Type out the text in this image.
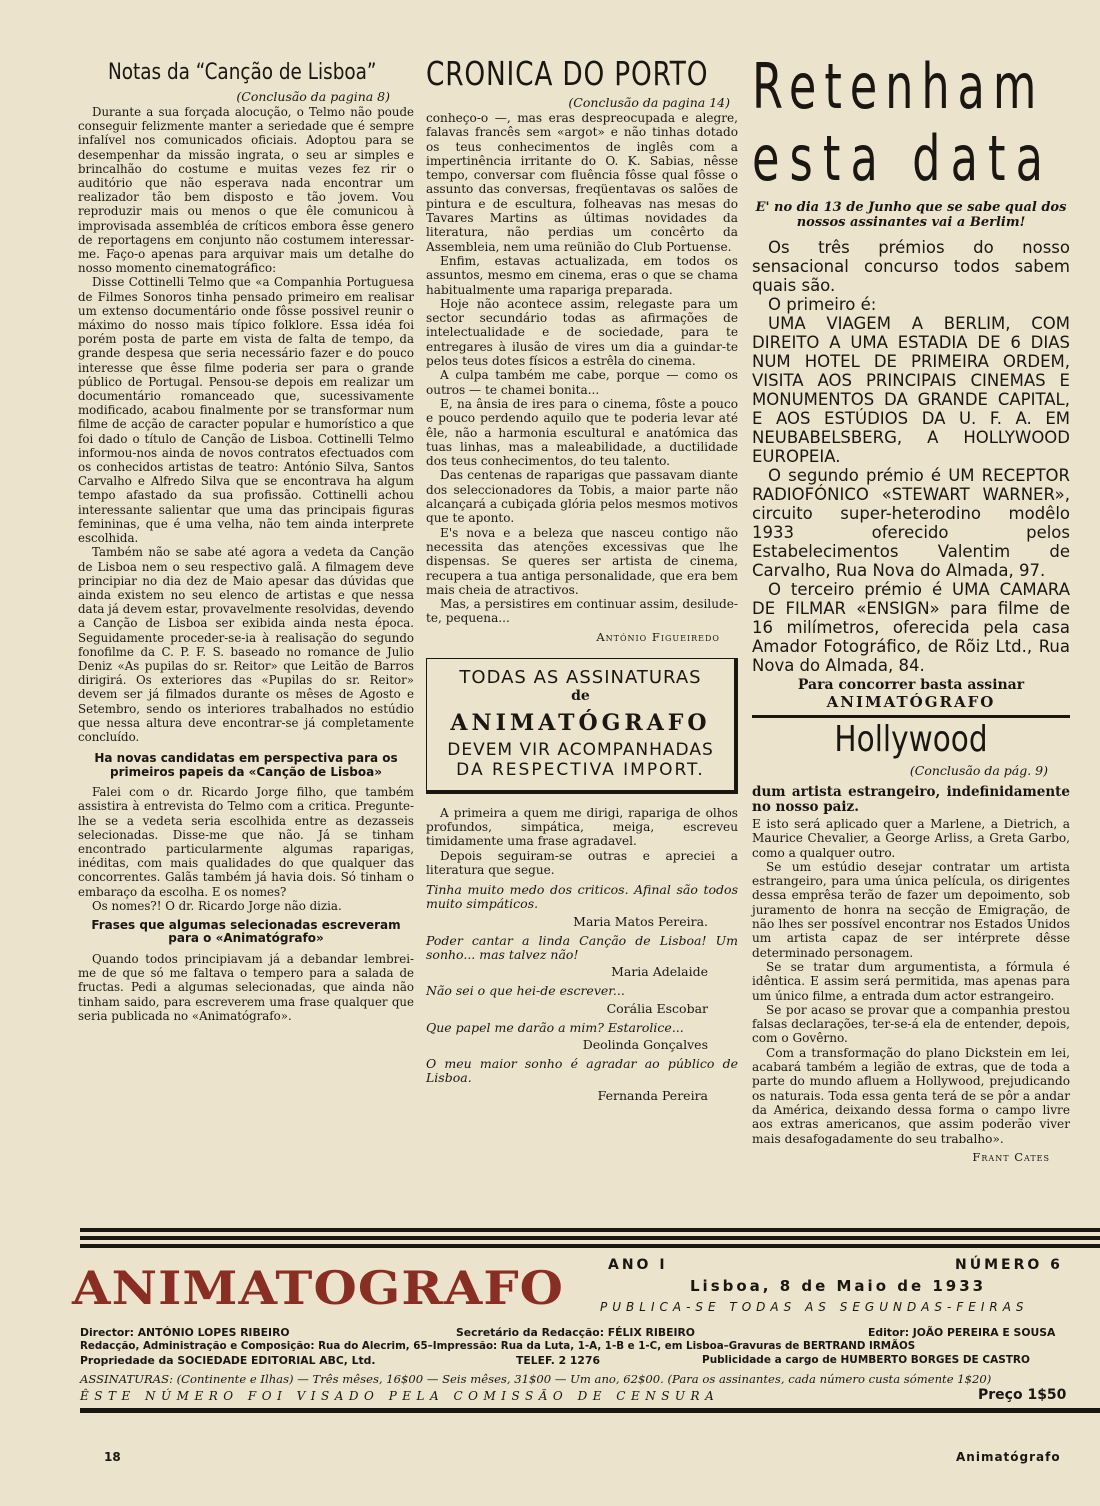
Notas da “Canção de Lisboa”
(Conclusão da pagina 8)

Durante a sua forçada alocução, o Telmo não poude conseguir felizmente manter a seriedade que é sempre infalível nos comunicados oficiais. Adoptou para se desempenhar da missão ingrata, o seu ar simples e brincalhão do costume e muitas vezes fez rir o auditório que não esperava nada encontrar um realizador tão bem disposto e tão jovem. Vou reproduzir mais ou menos o que êle comunicou à improvisada assembléa de críticos embora êsse genero de reportagens em conjunto não costumem interessar-me. Faço-o apenas para arquivar mais um detalhe do nosso momento cinematográfico:

Disse Cottinelli Telmo que «a Companhia Portuguesa de Filmes Sonoros tinha pensado primeiro em realisar um extenso documentário onde fôsse possivel reunir o máximo do nosso mais típico folklore. Essa idéa foi porém posta de parte em vista de falta de tempo, da grande despesa que seria necessário fazer e do pouco interesse que êsse filme poderia ser para o grande público de Portugal. Pensou-se depois em realizar um documentário romanceado que, sucessivamente modificado, acabou finalmente por se transformar num filme de acção de caracter popular e humorístico a que foi dado o título de Canção de Lisboa. Cottinelli Telmo informou-nos ainda de novos contratos efectuados com os conhecidos artistas de teatro: António Silva, Santos Carvalho e Alfredo Silva que se encontrava ha algum tempo afastado da sua profissão. Cottinelli achou interessante salientar que uma das principais figuras femininas, que é uma velha, não tem ainda interprete escolhida.

Também não se sabe até agora a vedeta da Canção de Lisboa nem o seu respectivo galã. A filmagem deve principiar no dia dez de Maio apesar das dúvidas que ainda existem no seu elenco de artistas e que nessa data já devem estar, provavelmente resolvidas, devendo a Canção de Lisboa ser exibida ainda nesta época. Seguidamente proceder-se-ia à realisação do segundo fonofilme da C. P. F. S. baseado no romance de Julio Deniz «As pupilas do sr. Reitor» que Leitão de Barros dirigirá. Os exteriores das «Pupilas do sr. Reitor» devem ser já filmados durante os mêses de Agosto e Setembro, sendo os interiores trabalhados no estúdio que nessa altura deve encontrar-se já completamente concluído.

Ha novas candidatas em perspectiva para os primeiros papeis da «Canção de Lisboa»

Falei com o dr. Ricardo Jorge filho, que também assistira à entrevista do Telmo com a critica. Pregunte-lhe se a vedeta seria escolhida entre as dezasseis selecionadas. Disse-me que não. Já se tinham encontrado particularmente algumas raparigas, inéditas, com mais qualidades do que qualquer das concorrentes. Galãs também já havia dois. Só tinham o embaraço da escolha. E os nomes?

Os nomes?! O dr. Ricardo Jorge não dizia.

Frases que algumas selecionadas escreveram para o «Animatógrafo»

Quando todos principiavam já a debandar lembrei-me de que só me faltava o tempero para a salada de fructas. Pedi a algumas selecionadas, que ainda não tinham saido, para escreverem uma frase qualquer que seria publicada no «Animatógrafo».

CRONICA DO PORTO
(Conclusão da pagina 14)

conheço-o —, mas eras despreocupada e alegre, falavas francês sem «argot» e não tinhas dotado os teus conhecimentos de inglês com a impertinência irritante do O. K. Sabias, nêsse tempo, conversar com fluência fôsse qual fôsse o assunto das conversas, freqüentavas os salões de pintura e de escultura, folheavas nas mesas do Tavares Martins as últimas novidades da literatura, não perdias um concêrto da Assembleia, nem uma reünião do Club Portuense.

Enfim, estavas actualizada, em todos os assuntos, mesmo em cinema, eras o que se chama habitualmente uma rapariga preparada.

Hoje não acontece assim, relegaste para um sector secundário todas as afirmações de intelectualidade e de sociedade, para te entregares à ilusão de vires um dia a guindar-te pelos teus dotes físicos a estrêla do cinema.

A culpa também me cabe, porque — como os outros — te chamei bonita...

E, na ânsia de ires para o cinema, fôste a pouco e pouco perdendo aquilo que te poderia levar até êle, não a harmonia escultural e anatómica das tuas linhas, mas a maleabilidade, a ductilidade dos teus conhecimentos, do teu talento.

Das centenas de raparigas que passavam diante dos seleccionadores da Tobis, a maior parte não alcançará a cubiçada glória pelos mesmos motivos que te aponto.

E's nova e a beleza que nasceu contigo não necessita das atenções excessivas que lhe dispensas. Se queres ser artista de cinema, recupera a tua antiga personalidade, que era bem mais cheia de atractivos.

Mas, a persistires em continuar assim, desilude-te, pequena...

António Figueiredo
TODAS AS ASSINATURAS
de
ANIMATÓGRAFO
DEVEM VIR ACOMPANHADAS
DA RESPECTIVA IMPORT.

A primeira a quem me dirigi, rapariga de olhos profundos, simpática, meiga, escreveu timidamente uma frase agradavel.

Depois seguiram-se outras e apreciei a literatura que segue.

Tinha muito medo dos criticos. Afinal são todos muito simpáticos.

Maria Matos Pereira.

Poder cantar a linda Canção de Lisboa! Um sonho... mas talvez não!

Maria Adelaide

Não sei o que hei-de escrever...

Corália Escobar

Que papel me darão a mim? Estarolice...

Deolinda Gonçalves

O meu maior sonho é agradar ao público de Lisboa.

Fernanda Pereira
Retenham
esta data
E' no dia 13 de Junho que se sabe qual dos nossos assinantes vai a Berlim!

Os três prémios do nosso sensacional concurso todos sabem quais são.

O primeiro é:

UMA VIAGEM A BERLIM, COM DIREITO A UMA ESTADIA DE 6 DIAS NUM HOTEL DE PRIMEIRA ORDEM, VISITA AOS PRINCIPAIS CINEMAS E MONUMENTOS DA GRANDE CAPITAL, E AOS ESTÚDIOS DA U. F. A. EM NEUBABELSBERG, A HOLLYWOOD EUROPEIA.

O segundo prémio é UM RECEPTOR RADIOFÓNICO «STEWART WARNER», circuito super-heterodino modêlo 1933 oferecido pelos Estabelecimentos Valentim de Carvalho, Rua Nova do Almada, 97.

O terceiro prémio é UMA CAMARA DE FILMAR «ENSIGN» para filme de 16 milímetros, oferecida pela casa Amador Fotográfico, de Rõiz Ltd., Rua Nova do Almada, 84.

Para concorrer basta assinar
ANIMATÓGRAFO
Hollywood
(Conclusão da pág. 9)
dum artista estrangeiro, indefinidamente no nosso paiz.

E isto será aplicado quer a Marlene, a Dietrich, a Maurice Chevalier, a George Arliss, a Greta Garbo, como a qualquer outro.

Se um estúdio desejar contratar um artista estrangeiro, para uma única película, os dirigentes dessa emprêsa terão de fazer um depoimento, sob juramento de honra na secção de Emigração, de não lhes ser possível encontrar nos Estados Unidos um artista capaz de ser intérprete dêsse determinado personagem.

Se se tratar dum argumentista, a fórmula é idêntica. E assim será permitida, mas apenas para um único filme, a entrada dum actor estrangeiro.

Se por acaso se provar que a companhia prestou falsas declarações, ter-se-á ela de entender, depois, com o Govêrno.

Com a transformação do plano Dickstein em lei, acabará também a legião de extras, que de toda a parte do mundo afluem a Hollywood, prejudicando os naturais. Toda essa genta terá de se pôr a andar da América, deixando dessa forma o campo livre aos extras americanos, que assim poderão viver mais desafogadamente do seu trabalho».

Frant Cates
ANIMATOGRAFO	ANO I	NÚMERO 6
Lisboa, 8 de Maio de 1933
PUBLICA-SE TODAS AS SEGUNDAS-FEIRAS
Director: ANTÓNIO LOPES RIBEIRO	Secretário da Redacção: FÉLIX RIBEIRO	Editor: JOÃO PEREIRA E SOUSA
Redacção, Administração e Composição: Rua do Alecrim, 65–Impressão: Rua da Luta, 1-A, 1-B e 1-C, em Lisboa–Gravuras de BERTRAND IRMÃOS
Propriedade da SOCIEDADE EDITORIAL ABC, Ltd.	TELEF. 2 1276	Publicidade a cargo de HUMBERTO BORGES DE CASTRO
ASSINATURAS: (Continente e Ilhas) — Três mêses, 16$00 — Seis mêses, 31$00 — Um ano, 62$00. (Para os assinantes, cada número custa sómente 1$20)
ÊSTE NÚMERO FOI VISADO PELA COMISSÃO DE CENSURA	Preço 1$50
18	Animatógrafo
